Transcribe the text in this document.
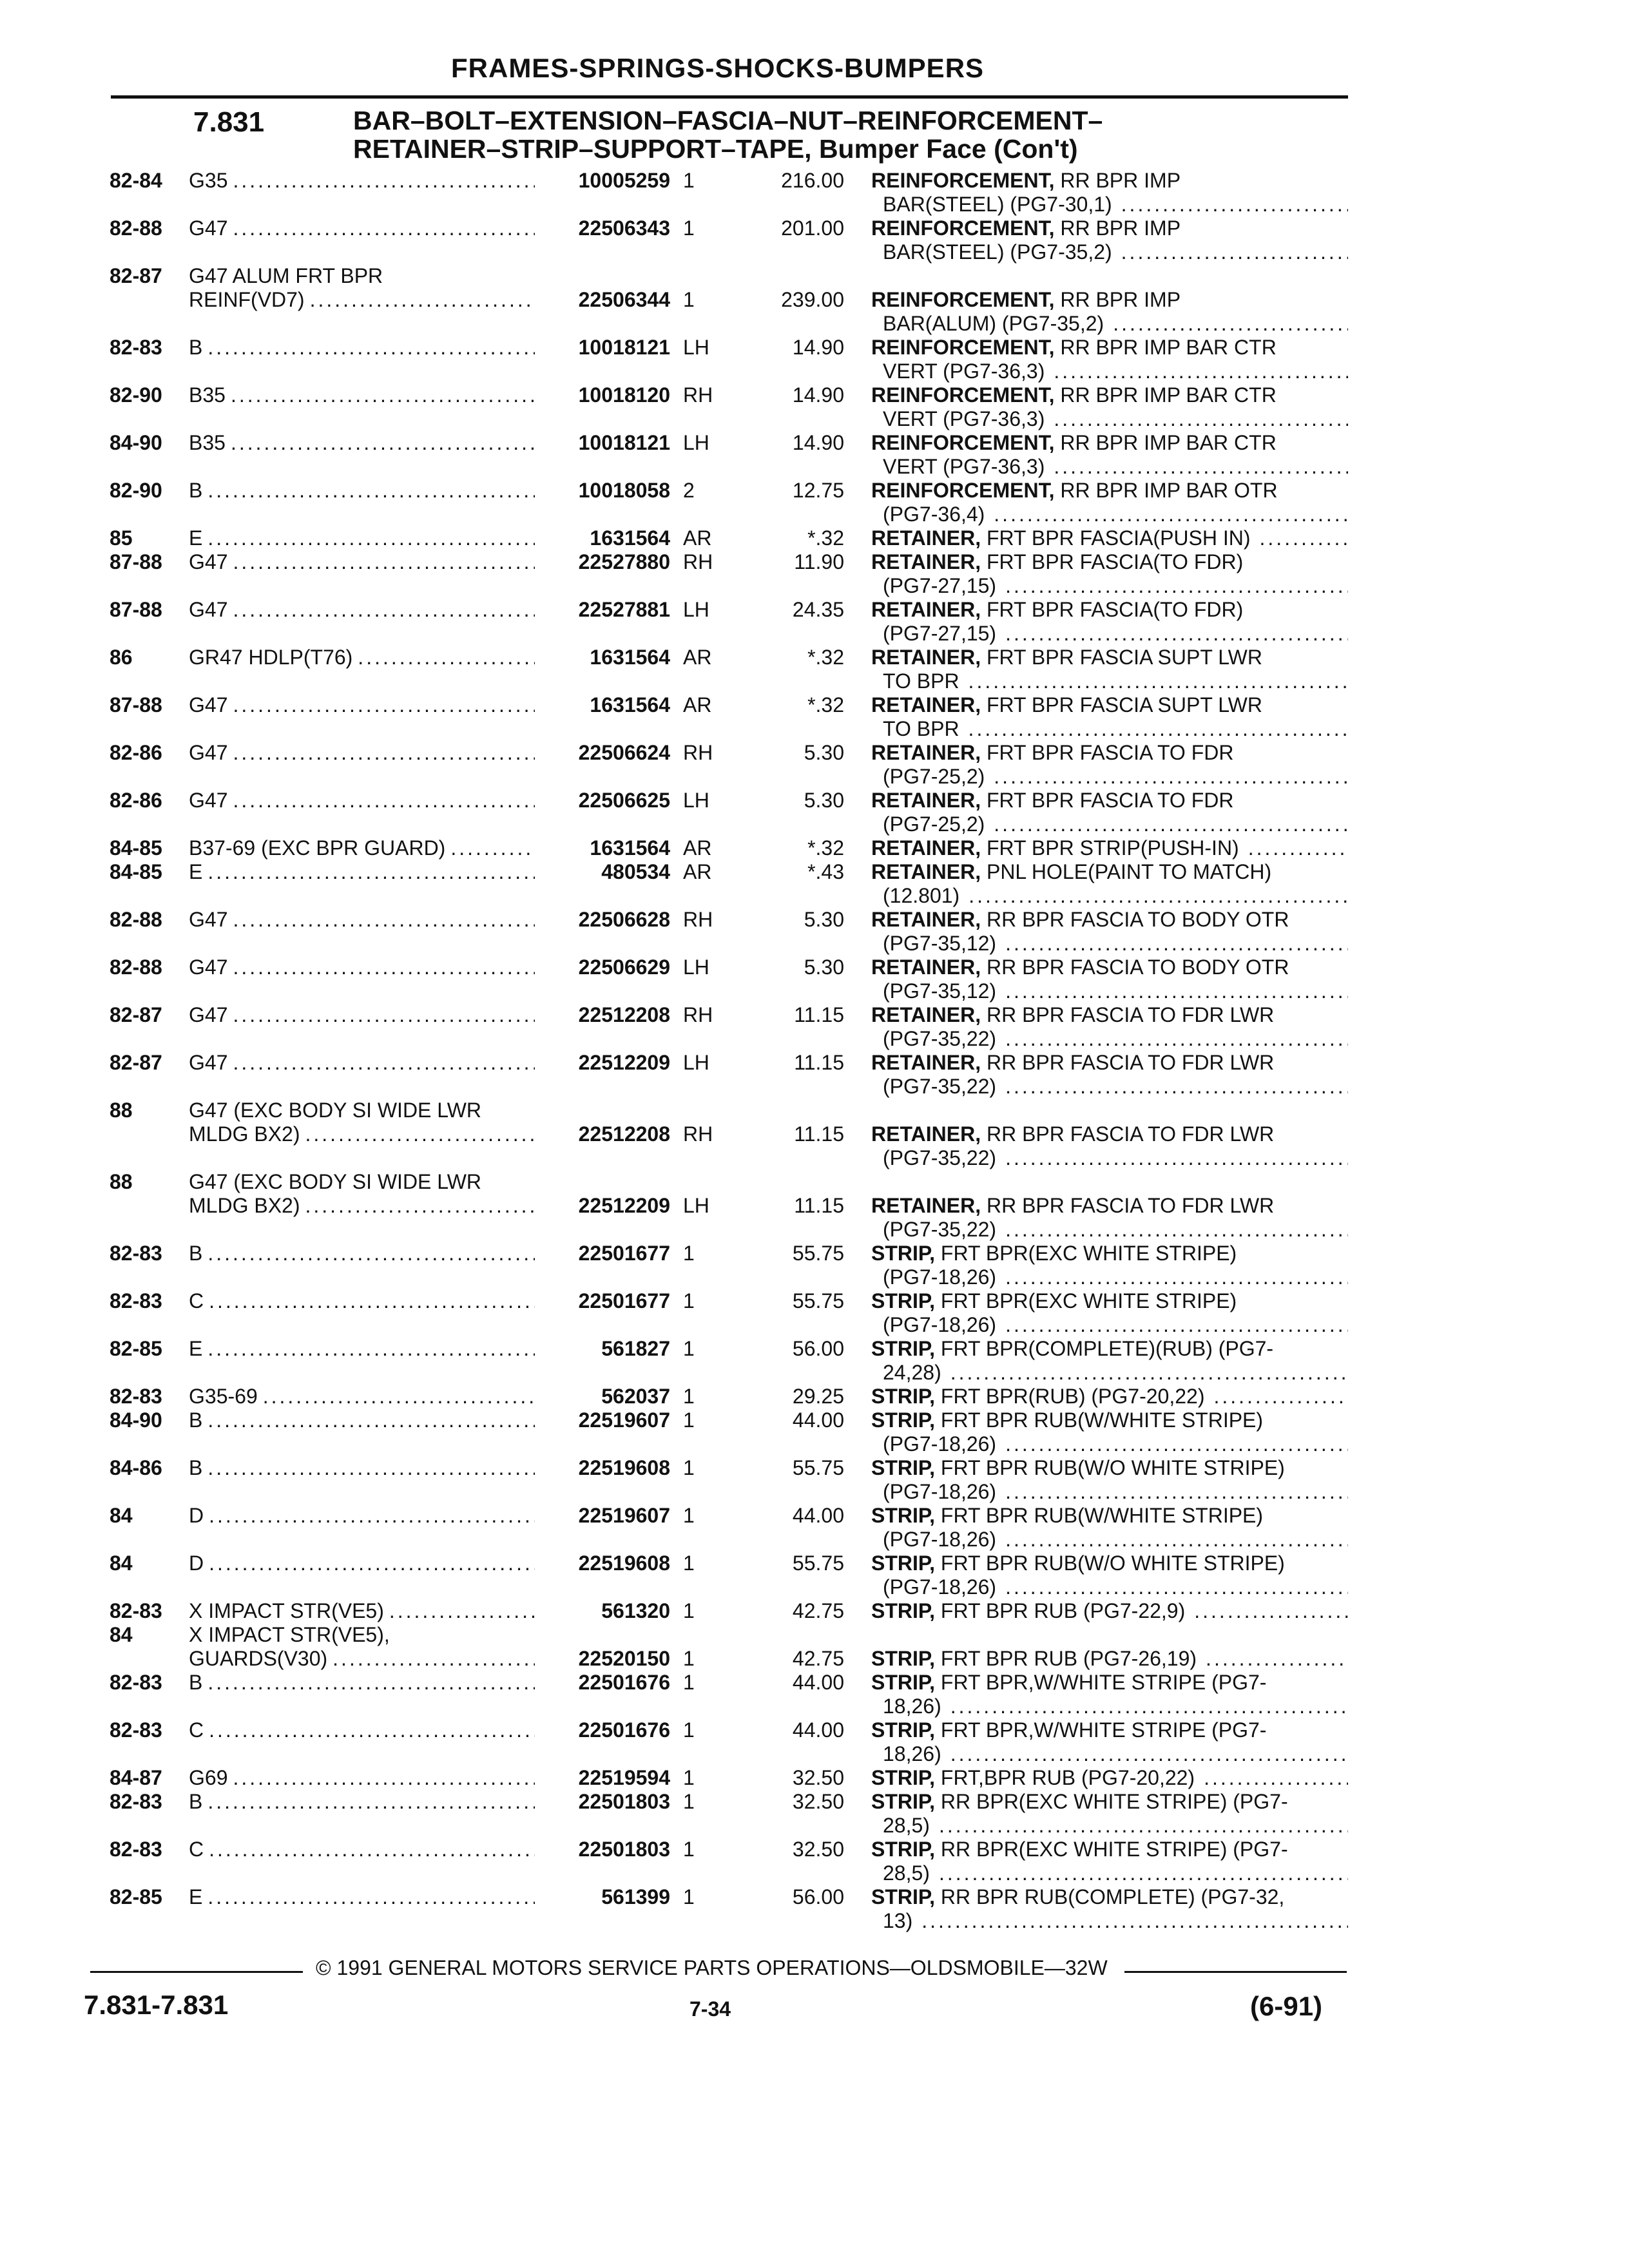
FRAMES-SPRINGS-SHOCKS-BUMPERS
7.831	BAR–BOLT–EXTENSION–FASCIA–NUT–REINFORCEMENT–
RETAINER–STRIP–SUPPORT–TAPE, Bumper Face (Con't)
82-84 G35 .....	10005259 1	216.00 REINFORCEMENT, RR BPR IMP
BAR(STEEL) (PG7-30,1)
.....
82-88 G47 .....	22506343 1	201.00 REINFORCEMENT, RR BPR IMP
BAR(STEEL) (PG7-35,2)
.....
82-87 G47 ALUM FRT BPR
REINF(VD7) .....	22506344 1	239.00 REINFORCEMENT, RR BPR IMP
BAR(ALUM) (PG7-35,2)
.....
82-83 B .....	10018121 LH	14.90 REINFORCEMENT, RR BPR IMP BAR CTR
VERT (PG7-36,3)
.....
82-90 B35 .....	10018120 RH	14.90 REINFORCEMENT, RR BPR IMP BAR CTR
VERT (PG7-36,3)
.....
84-90 B35 .....	10018121 LH	14.90 REINFORCEMENT, RR BPR IMP BAR CTR
VERT (PG7-36,3)
.....
82-90 B .....	10018058 2	12.75 REINFORCEMENT, RR BPR IMP BAR OTR
(PG7-36,4)
.....
85	E .....	1631564 AR	*.32 RETAINER, FRT BPR FASCIA(PUSH IN)
.....
87-88 G47 .....	22527880 RH	11.90 RETAINER, FRT BPR FASCIA(TO FDR)
(PG7-27,15)
.....
87-88 G47 .....	22527881 LH	24.35 RETAINER, FRT BPR FASCIA(TO FDR)
(PG7-27,15)
.....
86	GR47 HDLP(T76) .....	1631564 AR	*.32 RETAINER, FRT BPR FASCIA SUPT LWR
TO BPR
.....
87-88 G47 .....	1631564 AR	*.32 RETAINER, FRT BPR FASCIA SUPT LWR
TO BPR
.....
82-86 G47 .....	22506624 RH	5.30 RETAINER, FRT BPR FASCIA TO FDR
(PG7-25,2)
.....
82-86 G47 .....	22506625 LH	5.30 RETAINER, FRT BPR FASCIA TO FDR
(PG7-25,2)
.....
84-85 B37-69 (EXC BPR GUARD) .....	1631564 AR	*.32 RETAINER, FRT BPR STRIP(PUSH-IN)
.....
84-85 E .....	480534 AR	*.43 RETAINER, PNL HOLE(PAINT TO MATCH)
(12.801)
.....
82-88 G47 .....	22506628 RH	5.30 RETAINER, RR BPR FASCIA TO BODY OTR
(PG7-35,12)
.....
82-88 G47 .....	22506629 LH	5.30 RETAINER, RR BPR FASCIA TO BODY OTR
(PG7-35,12)
.....
82-87 G47 .....	22512208 RH	11.15 RETAINER, RR BPR FASCIA TO FDR LWR
(PG7-35,22)
.....
82-87 G47 .....	22512209 LH	11.15 RETAINER, RR BPR FASCIA TO FDR LWR
(PG7-35,22)
.....
88	G47 (EXC BODY SI WIDE LWR
MLDG BX2) .....	22512208 RH	11.15 RETAINER, RR BPR FASCIA TO FDR LWR
(PG7-35,22)
.....
88	G47 (EXC BODY SI WIDE LWR
MLDG BX2) .....	22512209 LH	11.15 RETAINER, RR BPR FASCIA TO FDR LWR
(PG7-35,22)
.....
82-83 B .....	22501677 1	55.75 STRIP, FRT BPR(EXC WHITE STRIPE)
(PG7-18,26)
.....
82-83 C .....	22501677 1	55.75 STRIP, FRT BPR(EXC WHITE STRIPE)
(PG7-18,26)
.....
82-85 E .....	561827 1	56.00 STRIP, FRT BPR(COMPLETE)(RUB) (PG7-
24,28)
.....
82-83 G35-69 .....	562037 1	29.25 STRIP, FRT BPR(RUB) (PG7-20,22)
.....
84-90 B .....	22519607 1	44.00 STRIP, FRT BPR RUB(W/WHITE STRIPE)
(PG7-18,26)
.....
84-86 B .....	22519608 1	55.75 STRIP, FRT BPR RUB(W/O WHITE STRIPE)
(PG7-18,26)
.....
84	D .....	22519607 1	44.00 STRIP, FRT BPR RUB(W/WHITE STRIPE)
(PG7-18,26)
.....
84	D .....	22519608 1	55.75 STRIP, FRT BPR RUB(W/O WHITE STRIPE)
(PG7-18,26)
.....
82-83 X IMPACT STR(VE5) .....	561320 1	42.75 STRIP, FRT BPR RUB (PG7-22,9)
.....
84	X IMPACT STR(VE5),
GUARDS(V30) .....	22520150 1	42.75 STRIP, FRT BPR RUB (PG7-26,19)
.....
82-83 B .....	22501676 1	44.00 STRIP, FRT BPR,W/WHITE STRIPE (PG7-
18,26)
.....
82-83 C .....	22501676 1	44.00 STRIP, FRT BPR,W/WHITE STRIPE (PG7-
18,26)
.....
84-87 G69 .....	22519594 1	32.50 STRIP, FRT,BPR RUB (PG7-20,22)
.....
82-83 B .....	22501803 1	32.50 STRIP, RR BPR(EXC WHITE STRIPE) (PG7-
28,5)
.....
82-83 C .....	22501803 1	32.50 STRIP, RR BPR(EXC WHITE STRIPE) (PG7-
28,5)
.....
82-85 E .....	561399 1	56.00 STRIP, RR BPR RUB(COMPLETE) (PG7-32,
13)
.....
© 1991 GENERAL MOTORS SERVICE PARTS OPERATIONS—OLDSMOBILE—32W
7.831-7.831	7-34	(6-91)
